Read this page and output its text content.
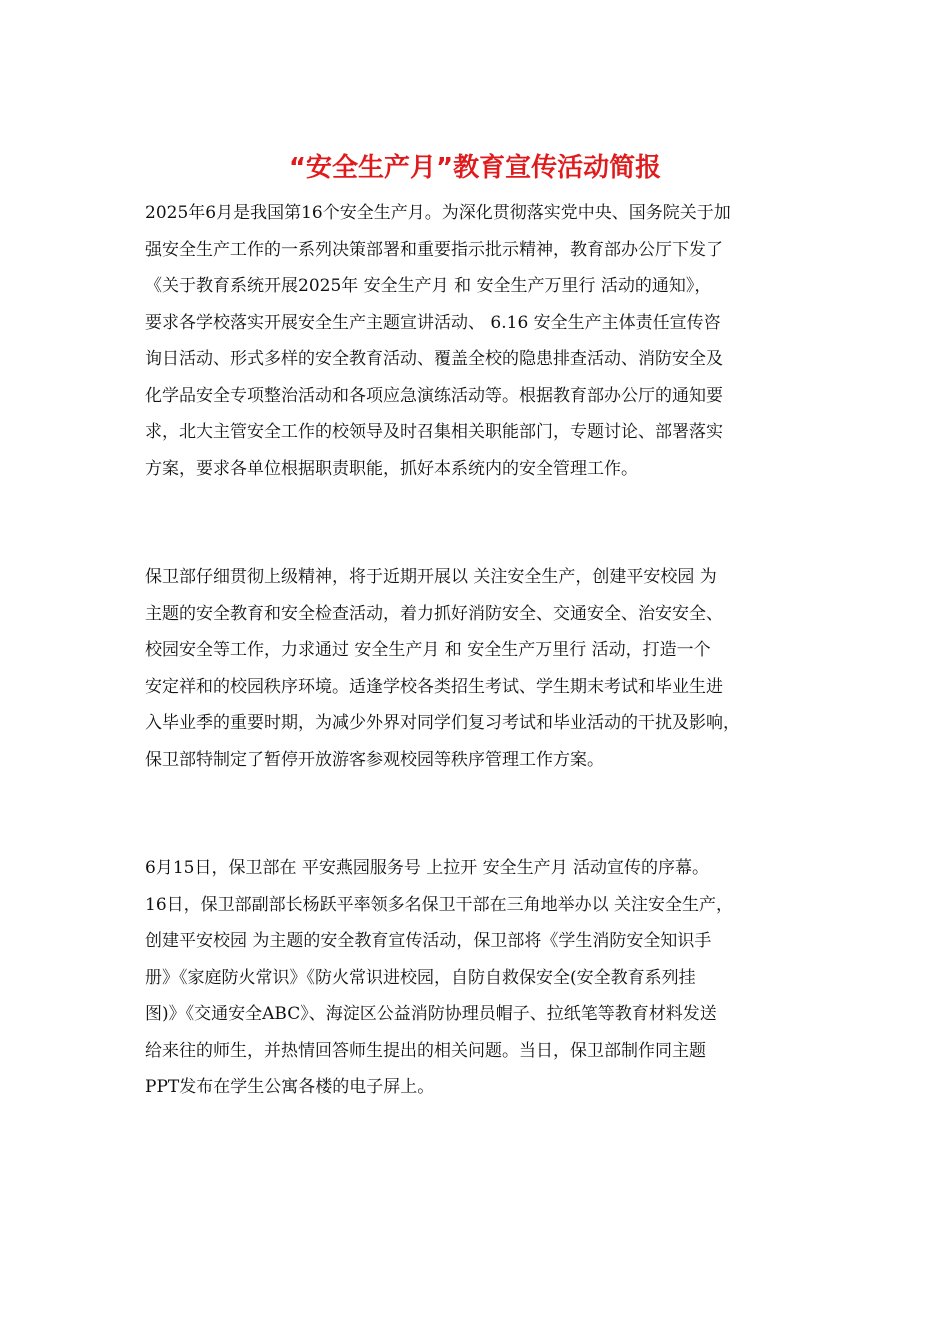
“安全生产月”教育宣传活动简报

2025年6月是我国第16个安全生产月。为深化贯彻落实党中央、国务院关于加
强安全生产工作的一系列决策部署和重要指示批示精神，教育部办公厅下发了
《关于教育系统开展2025年 安全生产月 和 安全生产万里行 活动的通知》，
要求各学校落实开展安全生产主题宣讲活动、 6.16 安全生产主体责任宣传咨
询日活动、形式多样的安全教育活动、覆盖全校的隐患排查活动、消防安全及
化学品安全专项整治活动和各项应急演练活动等。根据教育部办公厅的通知要
求，北大主管安全工作的校领导及时召集相关职能部门，专题讨论、部署落实
方案，要求各单位根据职责职能，抓好本系统内的安全管理工作。

保卫部仔细贯彻上级精神，将于近期开展以 关注安全生产，创建平安校园 为
主题的安全教育和安全检查活动，着力抓好消防安全、交通安全、治安安全、
校园安全等工作，力求通过 安全生产月 和 安全生产万里行 活动，打造一个
安定祥和的校园秩序环境。适逢学校各类招生考试、学生期末考试和毕业生进
入毕业季的重要时期，为减少外界对同学们复习考试和毕业活动的干扰及影响，
保卫部特制定了暂停开放游客参观校园等秩序管理工作方案。

6月15日，保卫部在 平安燕园服务号 上拉开 安全生产月 活动宣传的序幕。
16日，保卫部副部长杨跃平率领多名保卫干部在三角地举办以 关注安全生产，
创建平安校园 为主题的安全教育宣传活动，保卫部将《学生消防安全知识手
册》《家庭防火常识》《防火常识进校园，自防自救保安全(安全教育系列挂
图)》《交通安全ABC》、海淀区公益消防协理员帽子、拉纸笔等教育材料发送
给来往的师生，并热情回答师生提出的相关问题。当日，保卫部制作同主题
PPT发布在学生公寓各楼的电子屏上。
